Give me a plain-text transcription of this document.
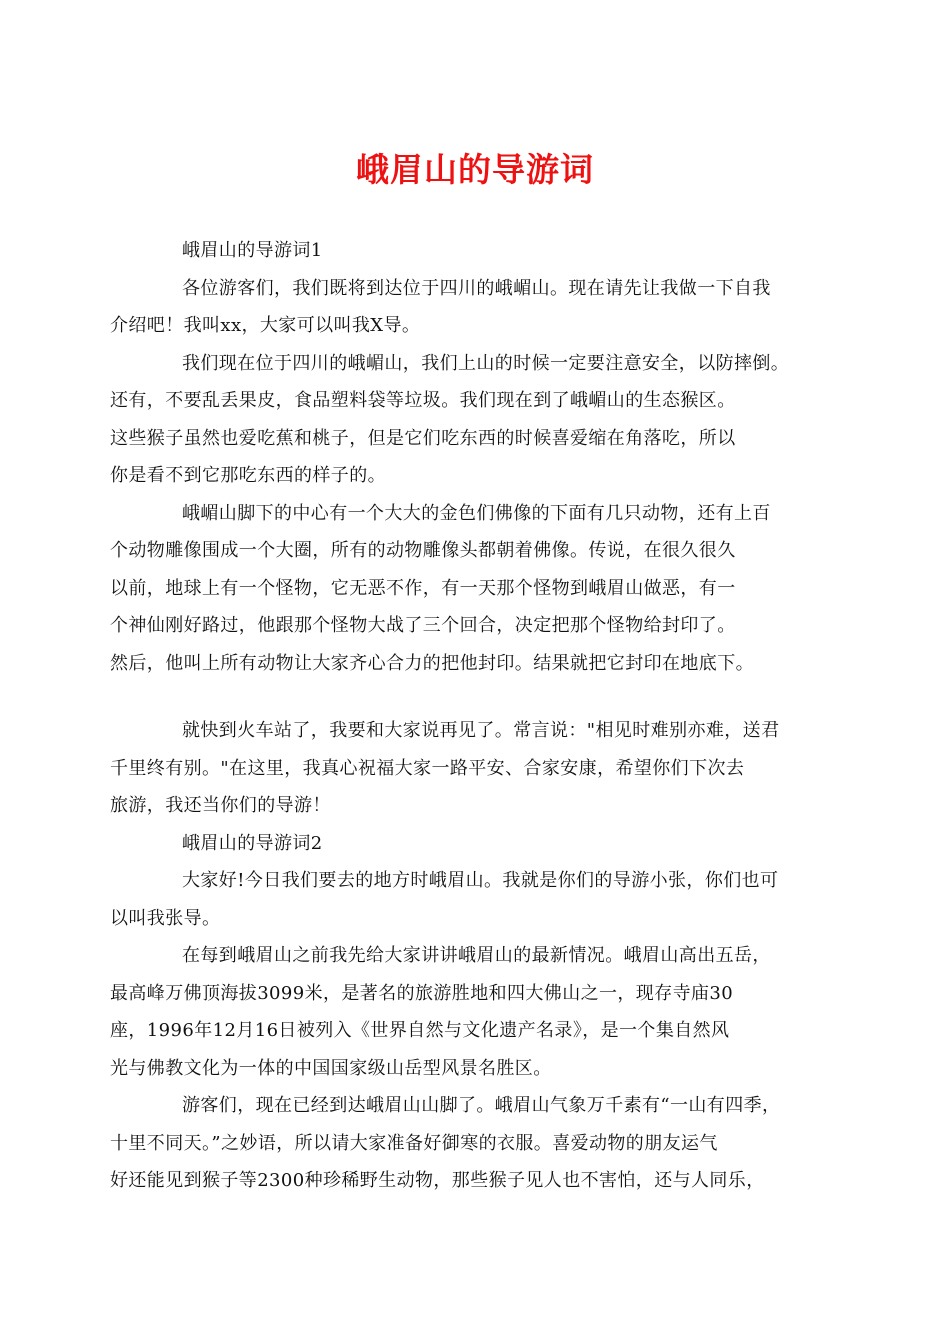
峨眉山的导游词

峨眉山的导游词1

各位游客们，我们既将到达位于四川的峨嵋山。现在请先让我做一下自我
介绍吧！我叫xx，大家可以叫我X导。

我们现在位于四川的峨嵋山，我们上山的时候一定要注意安全，以防摔倒。
还有，不要乱丢果皮，食品塑料袋等垃圾。我们现在到了峨嵋山的生态猴区。
这些猴子虽然也爱吃蕉和桃子，但是它们吃东西的时候喜爱缩在角落吃，所以
你是看不到它那吃东西的样子的。

峨嵋山脚下的中心有一个大大的金色们佛像的下面有几只动物，还有上百
个动物雕像围成一个大圈，所有的动物雕像头都朝着佛像。传说，在很久很久
以前，地球上有一个怪物，它无恶不作，有一天那个怪物到峨眉山做恶，有一
个神仙刚好路过，他跟那个怪物大战了三个回合，决定把那个怪物给封印了。
然后，他叫上所有动物让大家齐心合力的把他封印。结果就把它封印在地底下。

就快到火车站了，我要和大家说再见了。常言说："相见时难别亦难，送君
千里终有别。"在这里，我真心祝福大家一路平安、合家安康，希望你们下次去
旅游，我还当你们的导游！

峨眉山的导游词2

大家好!今日我们要去的地方时峨眉山。我就是你们的导游小张，你们也可
以叫我张导。

在每到峨眉山之前我先给大家讲讲峨眉山的最新情况。峨眉山高出五岳，
最高峰万佛顶海拔3099米，是著名的旅游胜地和四大佛山之一，现存寺庙30
座，1996年12月16日被列入《世界自然与文化遗产名录》，是一个集自然风
光与佛教文化为一体的中国国家级山岳型风景名胜区。

游客们，现在已经到达峨眉山山脚了。峨眉山气象万千素有“一山有四季，
十里不同天。”之妙语，所以请大家准备好御寒的衣服。喜爱动物的朋友运气
好还能见到猴子等2300种珍稀野生动物，那些猴子见人也不害怕，还与人同乐，
